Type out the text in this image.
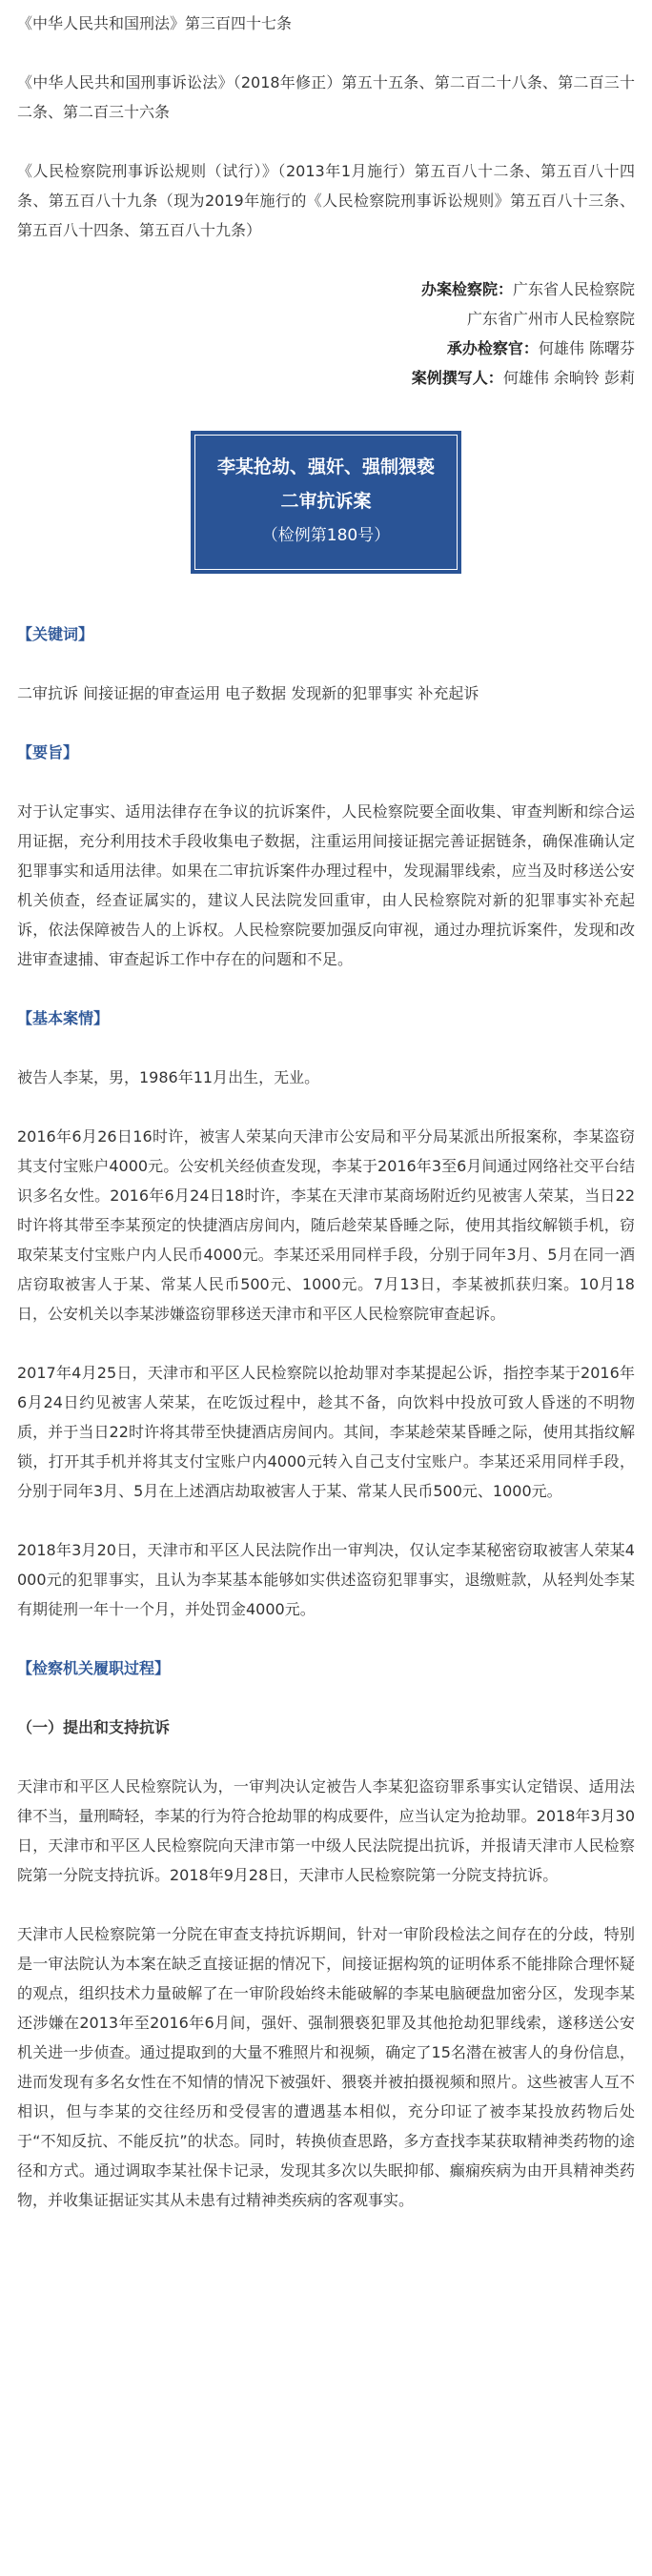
《中华人民共和国刑法》第三百四十七条

《中华人民共和国刑事诉讼法》（2018年修正）第五十五条、第二百二十八条、第二百三十二条、第二百三十六条

《人民检察院刑事诉讼规则（试行）》（2013年1月施行）第五百八十二条、第五百八十四条、第五百八十九条（现为2019年施行的《人民检察院刑事诉讼规则》第五百八十三条、第五百八十四条、第五百八十九条）

办案检察院：广东省人民检察院

广东省广州市人民检察院

承办检察官：何雄伟 陈曙芬

案例撰写人：何雄伟 余晌铃 彭莉

李某抢劫、强奸、强制猥亵
二审抗诉案
（检例第180号）

【关键词】

二审抗诉 间接证据的审查运用 电子数据 发现新的犯罪事实 补充起诉

【要旨】

对于认定事实、适用法律存在争议的抗诉案件，人民检察院要全面收集、审查判断和综合运用证据，充分利用技术手段收集电子数据，注重运用间接证据完善证据链条，确保准确认定犯罪事实和适用法律。如果在二审抗诉案件办理过程中，发现漏罪线索，应当及时移送公安机关侦查，经查证属实的，建议人民法院发回重审，由人民检察院对新的犯罪事实补充起诉，依法保障被告人的上诉权。人民检察院要加强反向审视，通过办理抗诉案件，发现和改进审查逮捕、审查起诉工作中存在的问题和不足。

【基本案情】

被告人李某，男，1986年11月出生，无业。

2016年6月26日16时许，被害人荣某向天津市公安局和平分局某派出所报案称，李某盗窃其支付宝账户4000元。公安机关经侦查发现，李某于2016年3至6月间通过网络社交平台结识多名女性。2016年6月24日18时许，李某在天津市某商场附近约见被害人荣某，当日22时许将其带至李某预定的快捷酒店房间内，随后趁荣某昏睡之际，使用其指纹解锁手机，窃取荣某支付宝账户内人民币4000元。李某还采用同样手段，分别于同年3月、5月在同一酒店窃取被害人于某、常某人民币500元、1000元。7月13日，李某被抓获归案。10月18日，公安机关以李某涉嫌盗窃罪移送天津市和平区人民检察院审查起诉。

2017年4月25日，天津市和平区人民检察院以抢劫罪对李某提起公诉，指控李某于2016年6月24日约见被害人荣某，在吃饭过程中，趁其不备，向饮料中投放可致人昏迷的不明物质，并于当日22时许将其带至快捷酒店房间内。其间，李某趁荣某昏睡之际，使用其指纹解锁，打开其手机并将其支付宝账户内4000元转入自己支付宝账户。李某还采用同样手段，分别于同年3月、5月在上述酒店劫取被害人于某、常某人民币500元、1000元。

2018年3月20日，天津市和平区人民法院作出一审判决，仅认定李某秘密窃取被害人荣某4000元的犯罪事实，且认为李某基本能够如实供述盗窃犯罪事实，退缴赃款，从轻判处李某有期徒刑一年十一个月，并处罚金4000元。

【检察机关履职过程】

（一）提出和支持抗诉

天津市和平区人民检察院认为，一审判决认定被告人李某犯盗窃罪系事实认定错误、适用法律不当，量刑畸轻，李某的行为符合抢劫罪的构成要件，应当认定为抢劫罪。2018年3月30日，天津市和平区人民检察院向天津市第一中级人民法院提出抗诉，并报请天津市人民检察院第一分院支持抗诉。2018年9月28日，天津市人民检察院第一分院支持抗诉。

天津市人民检察院第一分院在审查支持抗诉期间，针对一审阶段检法之间存在的分歧，特别是一审法院认为本案在缺乏直接证据的情况下，间接证据构筑的证明体系不能排除合理怀疑的观点，组织技术力量破解了在一审阶段始终未能破解的李某电脑硬盘加密分区，发现李某还涉嫌在2013年至2016年6月间，强奸、强制猥亵犯罪及其他抢劫犯罪线索，遂移送公安机关进一步侦查。通过提取到的大量不雅照片和视频，确定了15名潜在被害人的身份信息，进而发现有多名女性在不知情的情况下被强奸、猥亵并被拍摄视频和照片。这些被害人互不相识，但与李某的交往经历和受侵害的遭遇基本相似，充分印证了被李某投放药物后处于“不知反抗、不能反抗”的状态。同时，转换侦查思路，多方查找李某获取精神类药物的途径和方式。通过调取李某社保卡记录，发现其多次以失眠抑郁、癫痫疾病为由开具精神类药物，并收集证据证实其从未患有过精神类疾病的客观事实。
